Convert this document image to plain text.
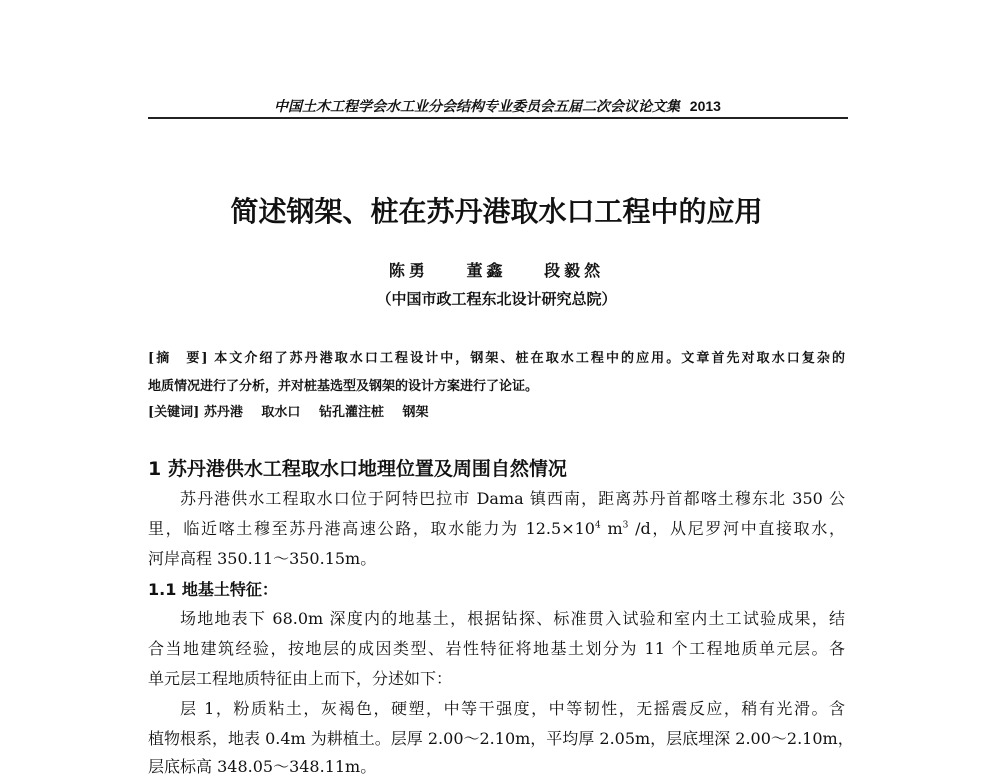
中国土木工程学会水工业分会结构专业委员会五届二次会议论文集 2013
简述钢架、桩在苏丹港取水口工程中的应用
陈勇 董鑫 段毅然
（中国市政工程东北设计研究总院）
[摘　要] 本文介绍了苏丹港取水口工程设计中，钢架、桩在取水工程中的应用。文章首先对取水口复杂的
地质情况进行了分析，并对桩基选型及钢架的设计方案进行了论证。
[关键词] 苏丹港 取水口 钻孔灌注桩 钢架
1 苏丹港供水工程取水口地理位置及周围自然情况
苏丹港供水工程取水口位于阿特巴拉市 Dama 镇西南，距离苏丹首都喀土穆东北 350 公
里，临近喀土穆至苏丹港高速公路，取水能力为 $12.5\times 10^4$ $m^3$ /d，从尼罗河中直接取水，
河岸高程 350.11～350.15m。
1.1 地基土特征：
场地地表下 68.0m 深度内的地基土，根据钻探、标准贯入试验和室内土工试验成果，结
合当地建筑经验，按地层的成因类型、岩性特征将地基土划分为 11 个工程地质单元层。各
单元层工程地质特征由上而下，分述如下：
层 1，粉质粘土，灰褐色，硬塑，中等干强度，中等韧性，无摇震反应，稍有光滑。含
植物根系，地表 0.4m 为耕植土。层厚 2.00～2.10m，平均厚 2.05m，层底埋深 2.00～2.10m，
层底标高 348.05～348.11m。
